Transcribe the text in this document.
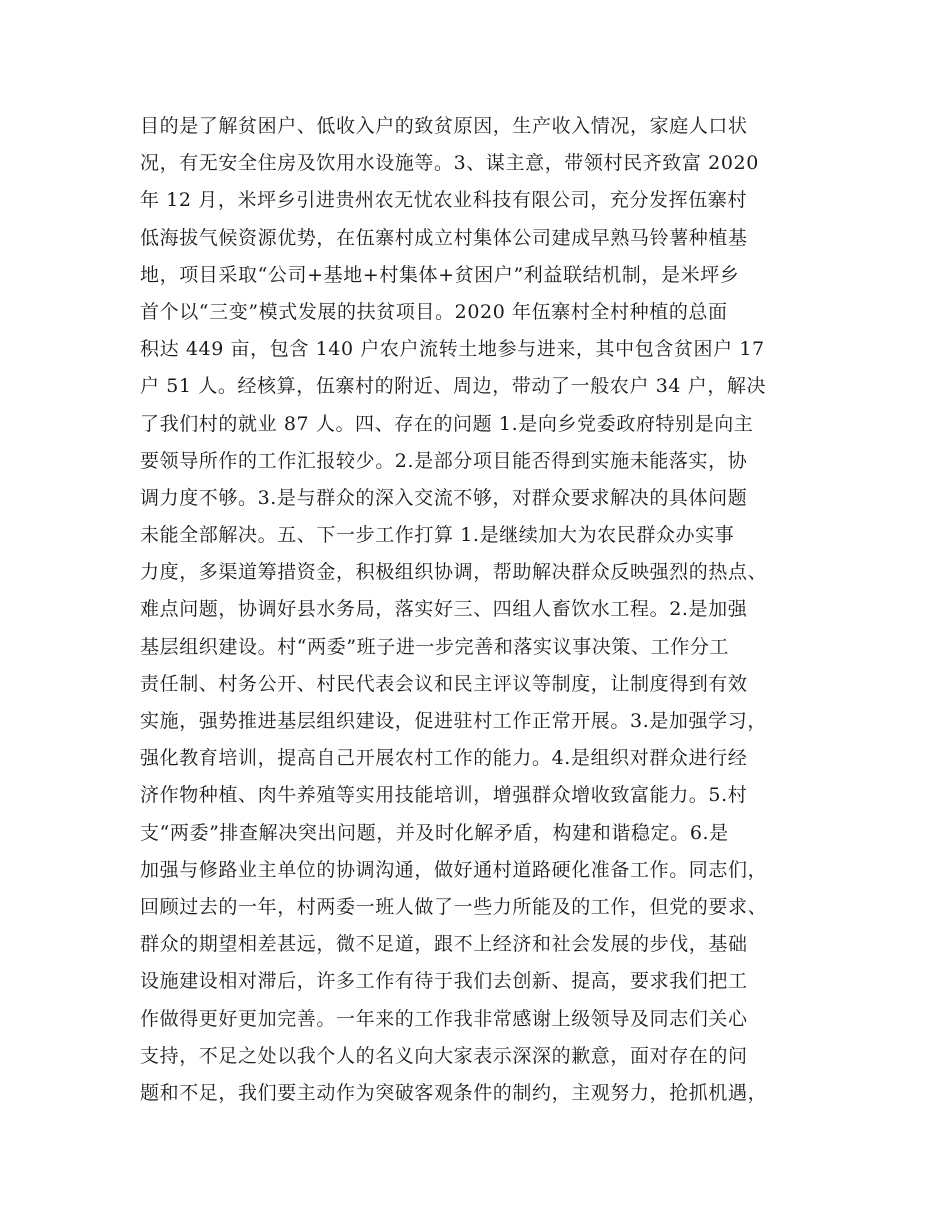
目的是了解贫困户、低收入户的致贫原因，生产收入情况，家庭人口状
况，有无安全住房及饮用水设施等。3、谋主意，带领村民齐致富 2020
年 12 月，米坪乡引进贵州农无忧农业科技有限公司，充分发挥伍寨村
低海拔气候资源优势，在伍寨村成立村集体公司建成早熟马铃薯种植基
地，项目采取“公司+基地+村集体+贫困户”利益联结机制，是米坪乡
首个以“三变”模式发展的扶贫项目。2020 年伍寨村全村种植的总面
积达 449 亩，包含 140 户农户流转土地参与进来，其中包含贫困户 17
户 51 人。经核算，伍寨村的附近、周边，带动了一般农户 34 户，解决
了我们村的就业 87 人。四、存在的问题 1.是向乡党委政府特别是向主
要领导所作的工作汇报较少。2.是部分项目能否得到实施未能落实，协
调力度不够。3.是与群众的深入交流不够，对群众要求解决的具体问题
未能全部解决。五、下一步工作打算 1.是继续加大为农民群众办实事
力度，多渠道筹措资金，积极组织协调，帮助解决群众反映强烈的热点、
难点问题，协调好县水务局，落实好三、四组人畜饮水工程。2.是加强
基层组织建设。村“两委”班子进一步完善和落实议事决策、工作分工
责任制、村务公开、村民代表会议和民主评议等制度，让制度得到有效
实施，强势推进基层组织建设，促进驻村工作正常开展。3.是加强学习，
强化教育培训，提高自己开展农村工作的能力。4.是组织对群众进行经
济作物种植、肉牛养殖等实用技能培训，增强群众增收致富能力。5.村
支“两委”排查解决突出问题，并及时化解矛盾，构建和谐稳定。6.是
加强与修路业主单位的协调沟通，做好通村道路硬化准备工作。同志们，
回顾过去的一年，村两委一班人做了一些力所能及的工作，但党的要求、
群众的期望相差甚远，微不足道，跟不上经济和社会发展的步伐，基础
设施建设相对滞后，许多工作有待于我们去创新、提高，要求我们把工
作做得更好更加完善。一年来的工作我非常感谢上级领导及同志们关心
支持，不足之处以我个人的名义向大家表示深深的歉意，面对存在的问
题和不足，我们要主动作为突破客观条件的制约，主观努力，抢抓机遇，
